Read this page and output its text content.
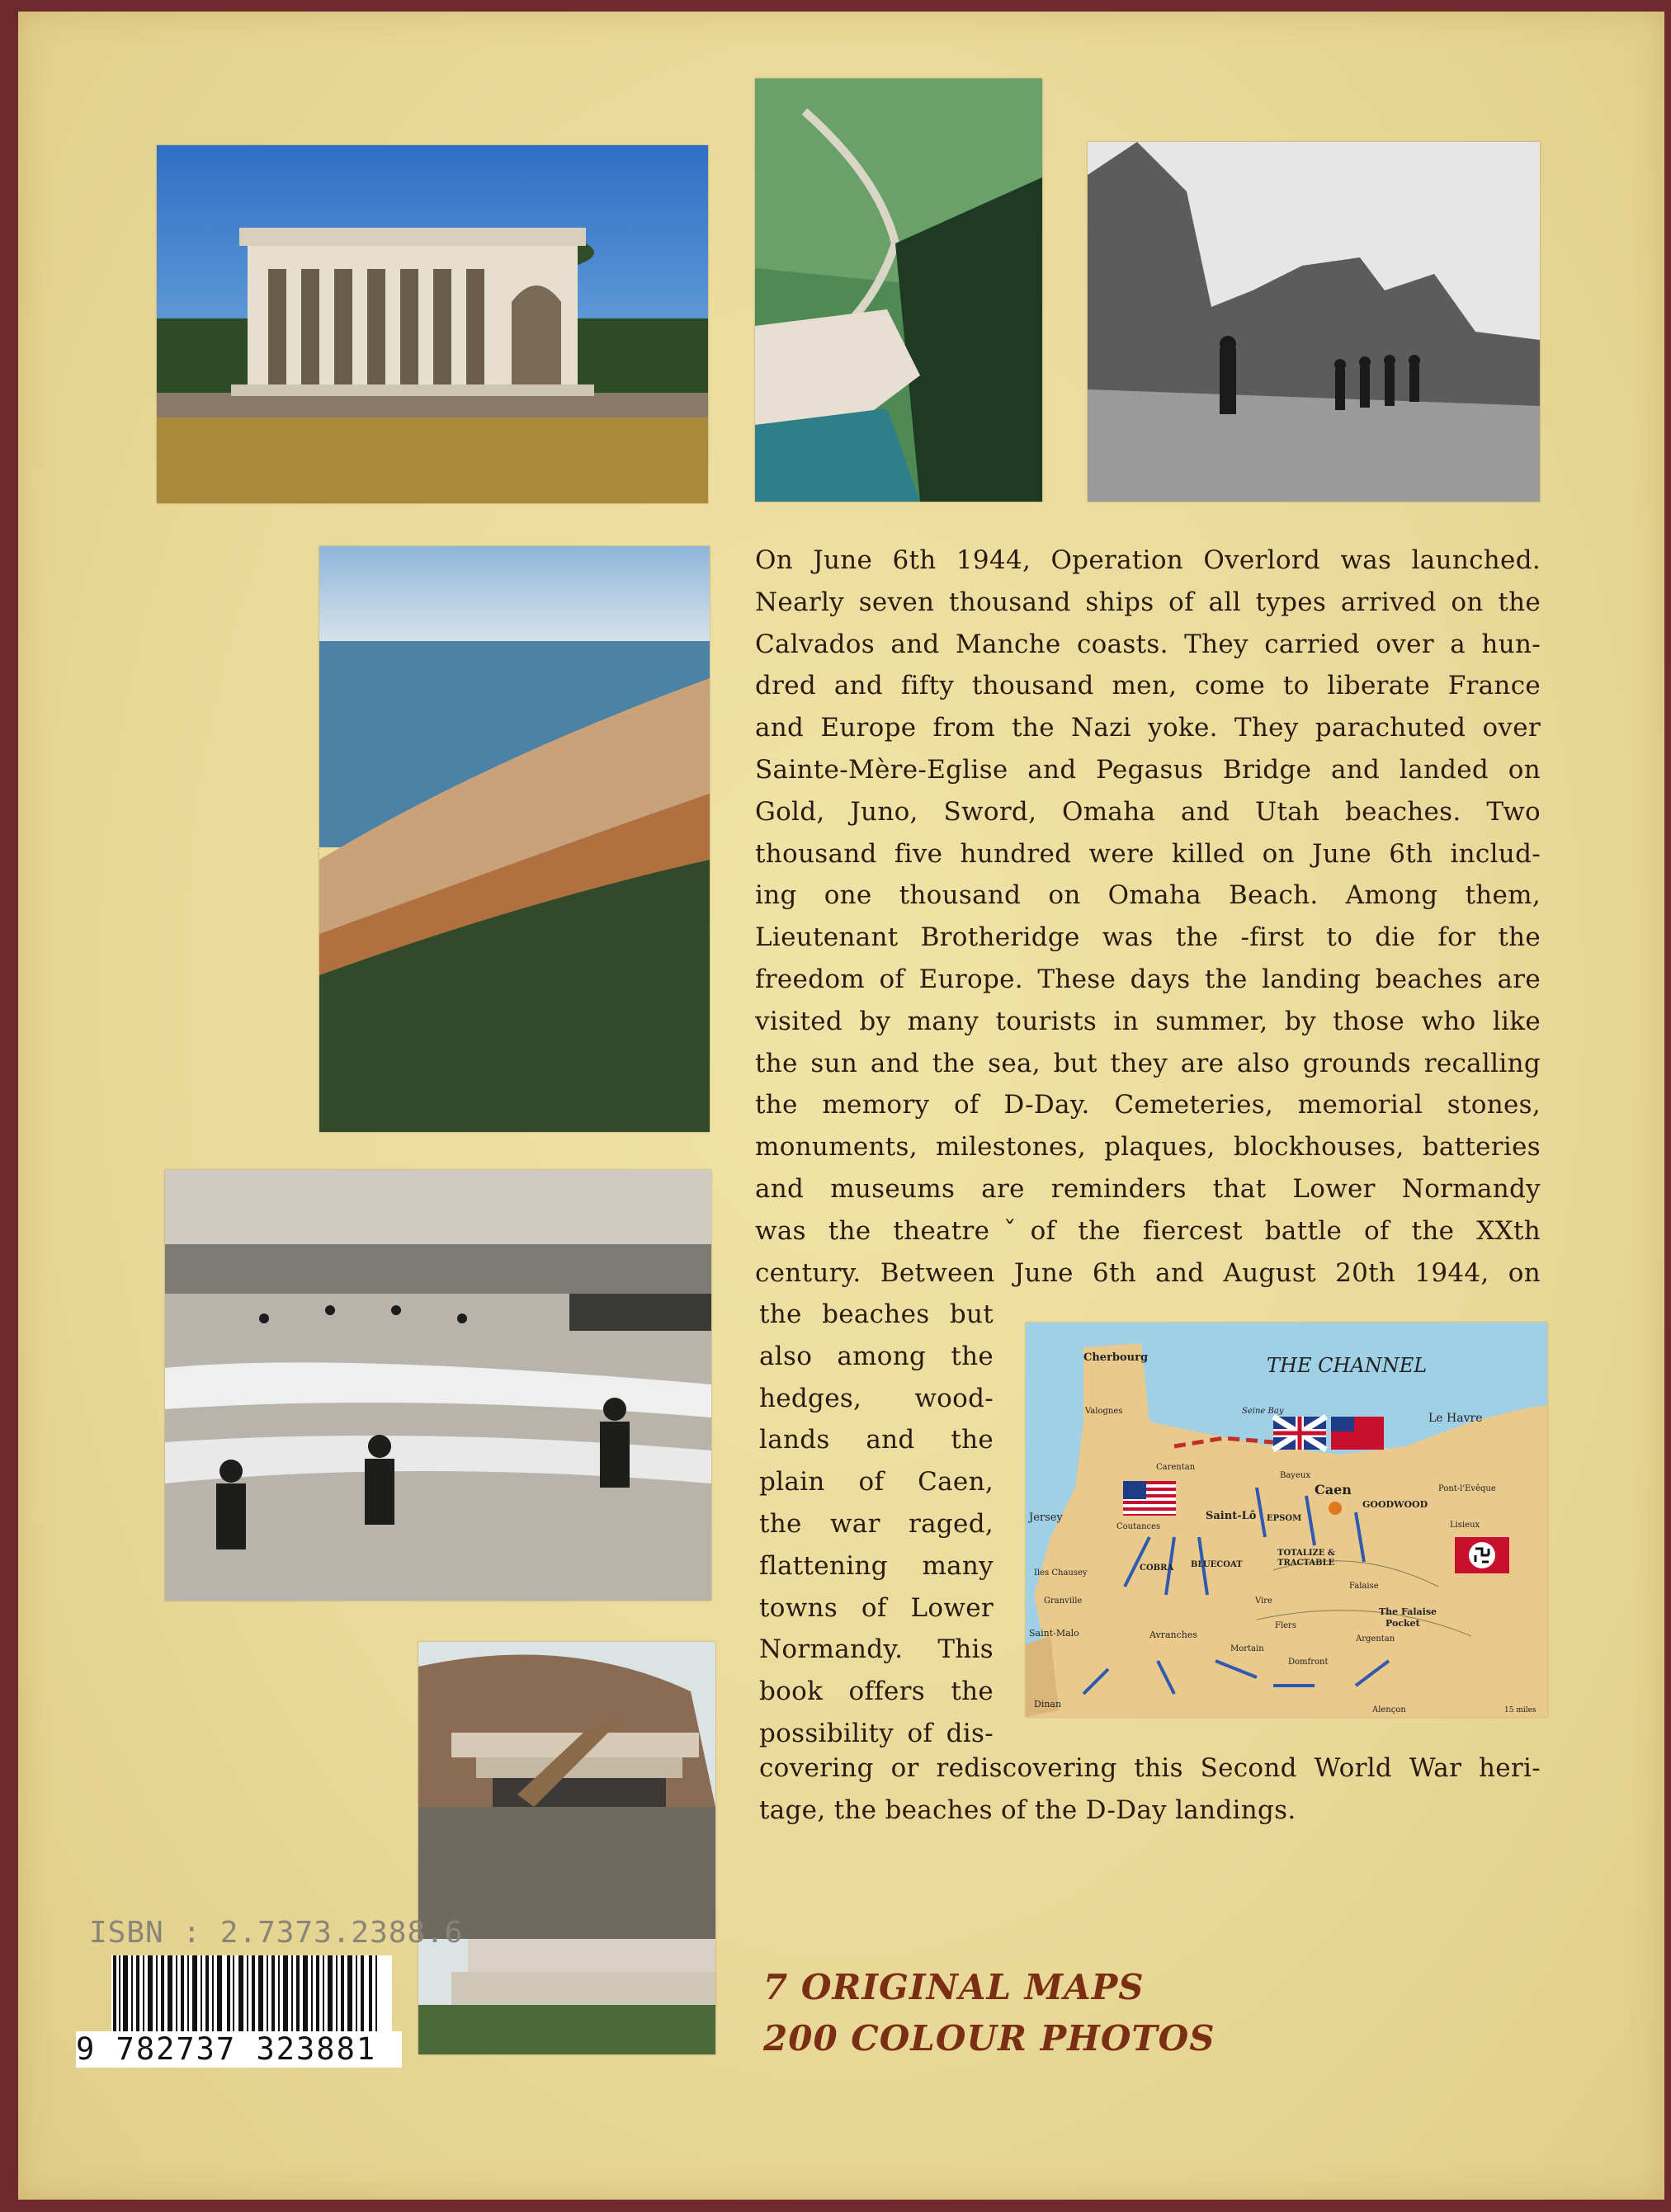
On June 6th 1944, Operation Overlord was launched.
Nearly seven thousand ships of all types arrived on the
Calvados and Manche coasts. They carried over a hun-
dred and fifty thousand men, come to liberate France
and Europe from the Nazi yoke. They parachuted over
Sainte-Mère-Eglise and Pegasus Bridge and landed on
Gold, Juno, Sword, Omaha and Utah beaches. Two
thousand five hundred were killed on June 6th includ-
ing one thousand on Omaha Beach. Among them,
Lieutenant Brotheridge was the -first to die for the
freedom of Europe. These days the landing beaches are
visited by many tourists in summer, by those who like
the sun and the sea, but they are also grounds recalling
the memory of D-Day. Cemeteries, memorial stones,
monuments, milestones, plaques, blockhouses, batteries
and museums are reminders that Lower Normandy
was the theatreˇof the fiercest battle of the XXth
century. Between June 6th and August 20th 1944, on
the beaches but
also among the
hedges, wood-
lands and the
plain of Caen,
the war raged,
flattening many
towns of Lower
Normandy. This
book offers the
possibility of dis-
covering or rediscovering this Second World War heri-
tage, the beaches of the D-Day landings.
THE CHANNEL
Cherbourg
Valognes	Seine Bay
Le Havre
Carentan
Bayeux
Caen
GOODWOOD
Pont-l'Evêque
Jersey
Coutances
Saint-Lô
Lisieux
Iles Chausey
Granville
TOTALIZE &
TRACTABLE
Falaise
Vire
Flers
The Falaise
Pocket
Argentan
Saint-Malo	Avranches
Mortain
Domfront
Alençon
Dinan
COBRA BLUECOAT
EPSOM
15 miles
7 ORIGINAL MAPS
200 COLOUR PHOTOS
ISBN : 2.7373.2388.6
9 782737 323881
